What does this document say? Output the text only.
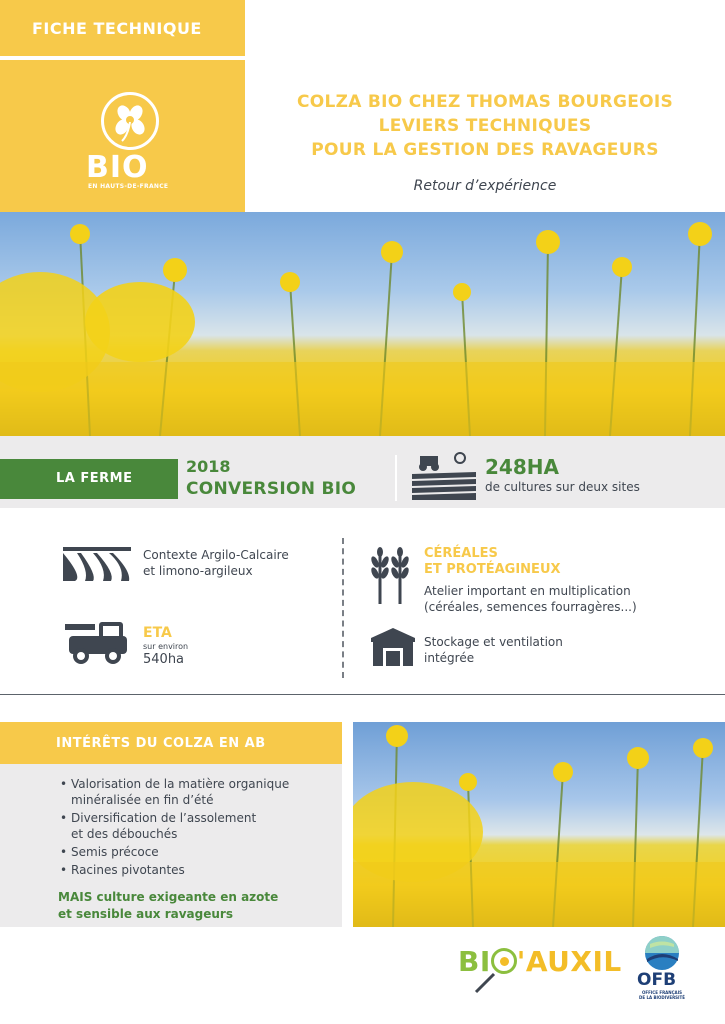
FICHE TECHNIQUE
BIO
EN HAUTS-DE-FRANCE
COLZA BIO CHEZ THOMAS BOURGEOIS
LEVIERS TECHNIQUES
POUR LA GESTION DES RAVAGEURS
Retour d’expérience
LA FERME
2018
CONVERSION BIO
248HA
de cultures sur deux sites
Contexte Argilo-Calcaire
et limono-argileux
ETA
sur environ
540ha
CÉRÉALES
ET PROTÉAGINEUX
Atelier important en multiplication
(céréales, semences fourragères...)
Stockage et ventilation
intégrée
INTÉRÊTS DU COLZA EN AB
• Valorisation de la matière organique
minéralisée en fin d’été
• Diversification de l’assolement
et des débouchés
• Semis précoce
• Racines pivotantes
MAIS culture exigeante en azote
et sensible aux ravageurs
BI 'AUXIL
OFB
OFFICE FRANÇAIS
DE LA BIODIVERSITÉ
